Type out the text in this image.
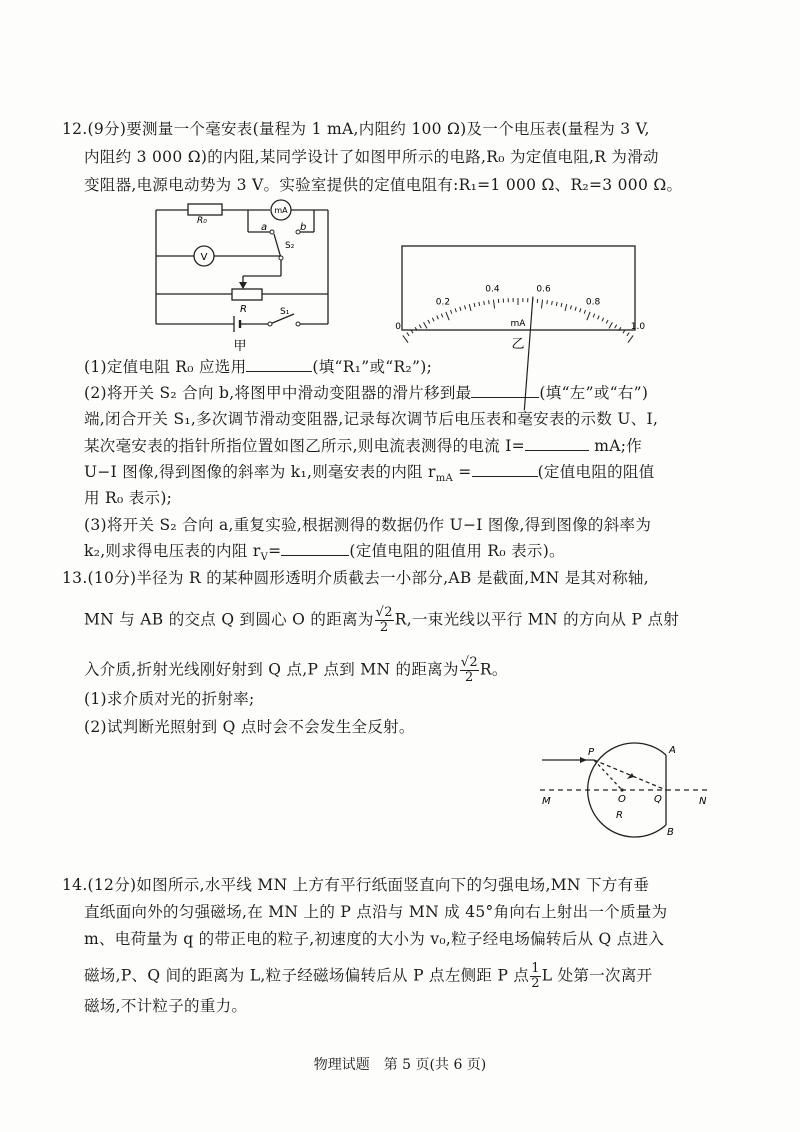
12.(9分)要测量一个毫安表(量程为 1 mA,内阻约 100 Ω)及一个电压表(量程为 3 V,
内阻约 3 000 Ω)的内阻,某同学设计了如图甲所示的电路,R₀ 为定值电阻,R 为滑动
变阻器,电源电动势为 3 V。实验室提供的定值电阻有:R₁=1 000 Ω、R₂=3 000 Ω。
R₀
mA
a	b
S₂
V
R	S₁
甲
0
0.2
0.4	0.6
0.8
1.0
mA
乙
(1)定值电阻 R₀ 应选用	(填“R₁”或“R₂”);
(2)将开关 S₂ 合向 b,将图甲中滑动变阻器的滑片移到最	(填“左”或“右”)
端,闭合开关 S₁,多次调节滑动变阻器,记录每次调节后电压表和毫安表的示数 U、I,
某次毫安表的指针所指位置如图乙所示,则电流表测得的电流 I=	mA;作
U−I 图像,得到图像的斜率为 k₁,则毫安表的内阻 $r_{mA}$ =	(定值电阻的阻值
用 R₀ 表示);
(3)将开关 S₂ 合向 a,重复实验,根据测得的数据仍作 U−I 图像,得到图像的斜率为
k₂,则求得电压表的内阻 $r_V=$	(定值电阻的阻值用 R₀ 表示)。
13.(10分)半径为 R 的某种圆形透明介质截去一小部分,AB 是截面,MN 是其对称轴,
MN 与 AB 的交点 Q 到圆心 O 的距离为 $\frac{√2}{2} R$,一束光线以平行 MN 的方向从 P 点射
入介质,折射光线刚好射到 Q 点,P 点到 MN 的距离为 $\frac{√2}{2}$ R。
(1)求介质对光的折射率;
(2)试判断光照射到 Q 点时会不会发生全反射。
P	A
M	O	Q	N
R
B
14.(12分)如图所示,水平线 MN 上方有平行纸面竖直向下的匀强电场,MN 下方有垂
直纸面向外的匀强磁场,在 MN 上的 P 点沿与 MN 成 45°角向右上射出一个质量为
m、电荷量为 q 的带正电的粒子,初速度的大小为 v₀,粒子经电场偏转后从 Q 点进入
磁场,P、Q 间的距离为 L,粒子经磁场偏转后从 P 点左侧距 P 点 $\frac{1}{2}$ L 处第一次离开
磁场,不计粒子的重力。
物理试题　第 5 页(共 6 页)
